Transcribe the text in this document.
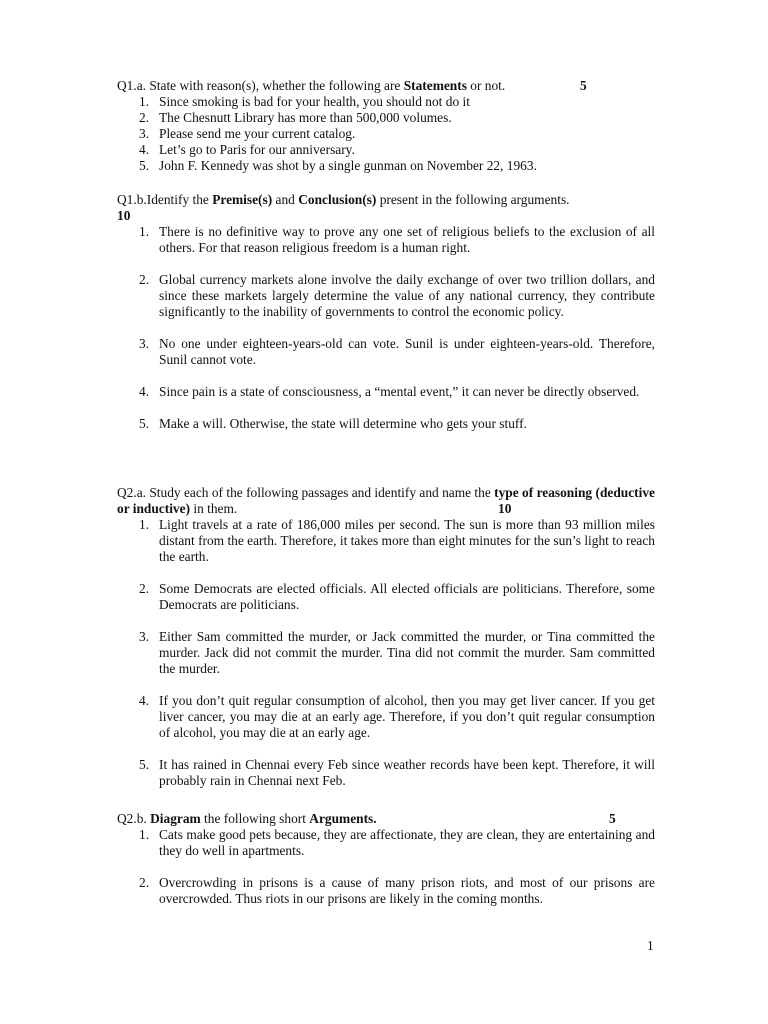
Q1.a. State with reason(s), whether the following are Statements or not.	5
1. Since smoking is bad for your health, you should not do it
2. The Chesnutt Library has more than 500,000 volumes.
3. Please send me your current catalog.
4. Let’s go to Paris for our anniversary.
5. John F. Kennedy was shot by a single gunman on November 22, 1963.

Q1.b.Identify the Premise(s) and Conclusion(s) present in the following arguments.

10
1. There is no definitive way to prove any one set of religious beliefs to the exclusion of all others. For that reason religious freedom is a human right.
2. Global currency markets alone involve the daily exchange of over two trillion dollars, and since these markets largely determine the value of any national currency, they contribute significantly to the inability of governments to control the economic policy.
3. No one under eighteen-years-old can vote. Sunil is under eighteen-years-old. Therefore, Sunil cannot vote.
4. Since pain is a state of consciousness, a “mental event,” it can never be directly observed.
5. Make a will. Otherwise, the state will determine who gets your stuff.

Q2.a. Study each of the following passages and identify and name the type of reasoning (deductive or inductive) in them.	10
1. Light travels at a rate of 186,000 miles per second. The sun is more than 93 million miles distant from the earth. Therefore, it takes more than eight minutes for the sun’s light to reach the earth.
2. Some Democrats are elected officials. All elected officials are politicians. Therefore, some Democrats are politicians.
3. Either Sam committed the murder, or Jack committed the murder, or Tina committed the murder. Jack did not commit the murder. Tina did not commit the murder. Sam committed the murder.
4. If you don’t quit regular consumption of alcohol, then you may get liver cancer. If you get liver cancer, you may die at an early age. Therefore, if you don’t quit regular consumption of alcohol, you may die at an early age.
5. It has rained in Chennai every Feb since weather records have been kept. Therefore, it will probably rain in Chennai next Feb.

Q2.b. Diagram the following short Arguments.	5
1. Cats make good pets because, they are affectionate, they are clean, they are entertaining and they do well in apartments.
2. Overcrowding in prisons is a cause of many prison riots, and most of our prisons are overcrowded. Thus riots in our prisons are likely in the coming months.
1
